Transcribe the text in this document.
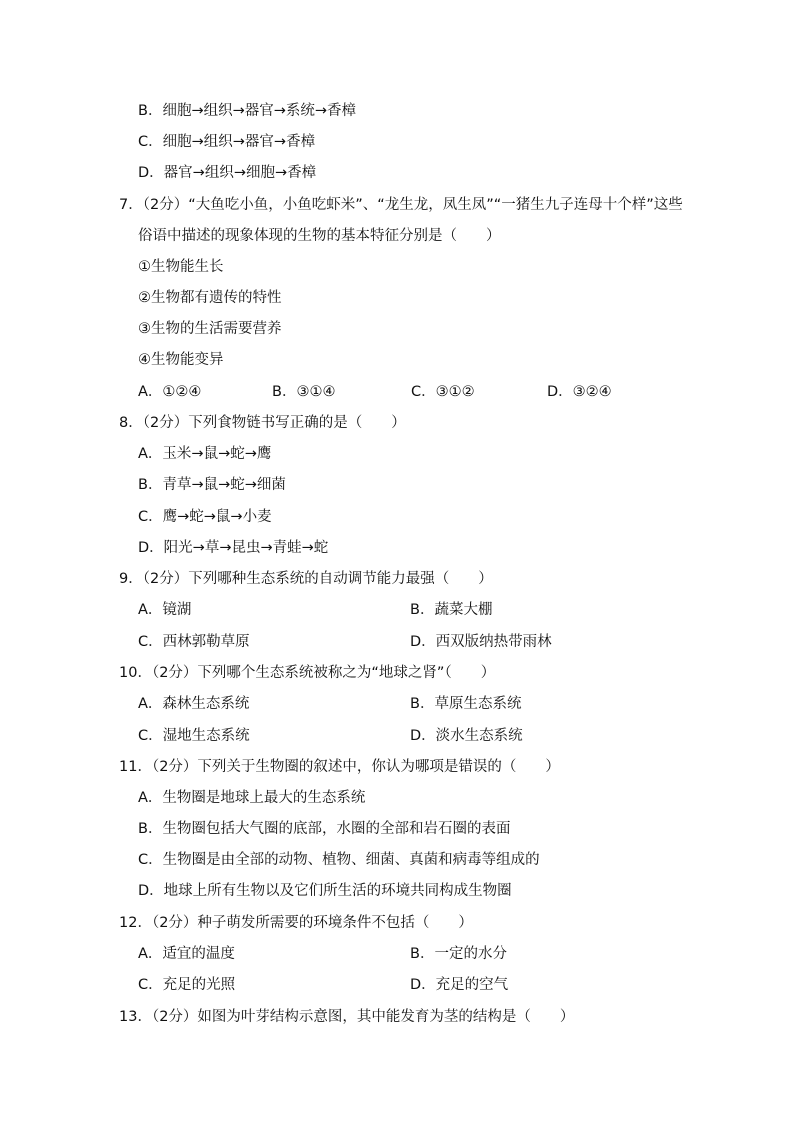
B．细胞→组织→器官→系统→香樟
C．细胞→组织→器官→香樟
D．器官→组织→细胞→香樟
7．（2分）“大鱼吃小鱼，小鱼吃虾米”、“龙生龙，凤生凤”“一猪生九子连母十个样”这些
俗语中描述的现象体现的生物的基本特征分别是（　　）
①生物能生长
②生物都有遗传的特性
③生物的生活需要营养
④生物能变异
A．①②④	B．③①④	C．③①②	D．③②④
8．（2分）下列食物链书写正确的是（　　）
A．玉米→鼠→蛇→鹰
B．青草→鼠→蛇→细菌
C．鹰→蛇→鼠→小麦
D．阳光→草→昆虫→青蛙→蛇
9．（2分）下列哪种生态系统的自动调节能力最强（　　）
A．镜湖	B．蔬菜大棚
C．西林郭勒草原	D．西双版纳热带雨林
10．（2分）下列哪个生态系统被称之为“地球之肾”（　　）
A．森林生态系统	B．草原生态系统
C．湿地生态系统	D．淡水生态系统
11．（2分）下列关于生物圈的叙述中，你认为哪项是错误的（　　）
A．生物圈是地球上最大的生态系统
B．生物圈包括大气圈的底部，水圈的全部和岩石圈的表面
C．生物圈是由全部的动物、植物、细菌、真菌和病毒等组成的
D．地球上所有生物以及它们所生活的环境共同构成生物圈
12．（2分）种子萌发所需要的环境条件不包括（　　）
A．适宜的温度	B．一定的水分
C．充足的光照	D．充足的空气
13．（2分）如图为叶芽结构示意图，其中能发育为茎的结构是（　　）
